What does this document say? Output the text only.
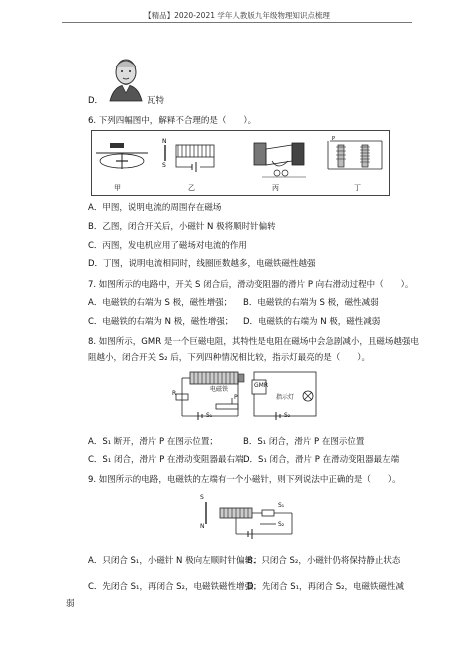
【精品】2020-2021 学年人教版九年级物理知识点梳理
D．	瓦特
6. 下列四幅图中，解释不合理的是（　　）。
N
S
P
甲	乙	丙	丁
A．甲图，说明电流的周围存在磁场
B．乙图，闭合开关后，小磁针 N 极将顺时针偏转
C．丙图，发电机应用了磁场对电流的作用
D．丁图，说明电流相同时，线圈匝数越多，电磁铁磁性越强
7. 如图所示的电路中，开关 S 闭合后，滑动变阻器的滑片 P 向右滑动过程中（　　）。
A．电磁铁的右端为 S 极，磁性增强； B．电磁铁的右端为 S 极，磁性减弱
C．电磁铁的右端为 N 极，磁性增强； D．电磁铁的右端为 N 极，磁性减弱
8. 如图所示，GMR 是一个巨磁电阻，其特性是电阻在磁场中会急剧减小，且磁场越强电
阻越小，闭合开关 S₂ 后，下列四种情况相比较，指示灯最亮的是（　　）。
电磁铁
GMR
指示灯
R
P
S₁	S₂
A．S₁ 断开，滑片 P 在图示位置；	B．S₁ 闭合，滑片 P 在图示位置
C．S₁ 闭合，滑片 P 在滑动变阻器最右端 D．S₁ 闭合，滑片 P 在滑动变阻器最左端
9. 如图所示的电路，电磁铁的左端有一个小磁针，则下列说法中正确的是（　　）。
S
N
S₁
S₂
A．只闭合 S₁，小磁针 N 极向左顺时针偏转；
B．只闭合 S₂，小磁针仍将保持静止状态
C．先闭合 S₁，再闭合 S₂，电磁铁磁性增强；
D．先闭合 S₁，再闭合 S₂，电磁铁磁性减
弱
